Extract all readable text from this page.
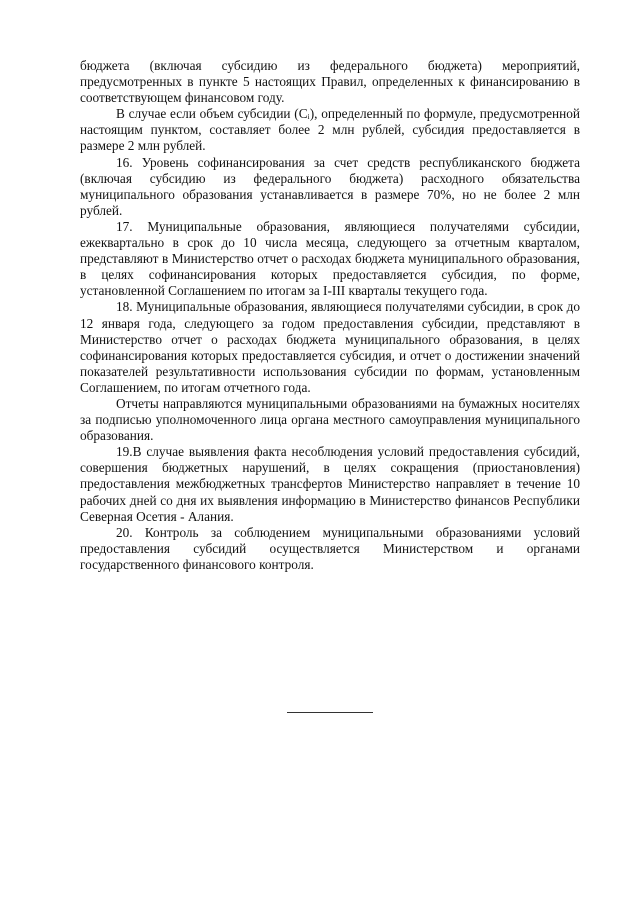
бюджета (включая субсидию из федерального бюджета) мероприятий, предусмотренных в пункте 5 настоящих Правил, определенных к финансированию в соответствующем финансовом году.

В случае если объем субсидии (Cᵢ), определенный по формуле, предусмотренной настоящим пунктом, составляет более 2 млн рублей, субсидия предоставляется в размере 2 млн рублей.

16. Уровень софинансирования за счет средств республиканского бюджета (включая субсидию из федерального бюджета) расходного обязательства муниципального образования устанавливается в размере 70%, но не более 2 млн рублей.

17. Муниципальные образования, являющиеся получателями субсидии, ежеквартально в срок до 10 числа месяца, следующего за отчетным кварталом, представляют в Министерство отчет о расходах бюджета муниципального образования, в целях софинансирования которых предоставляется субсидия, по форме, установленной Соглашением по итогам за I-III кварталы текущего года.

18. Муниципальные образования, являющиеся получателями субсидии, в срок до 12 января года, следующего за годом предоставления субсидии, представляют в Министерство отчет о расходах бюджета муниципального образования, в целях софинансирования которых предоставляется субсидия, и отчет о достижении значений показателей результативности использования субсидии по формам, установленным Соглашением, по итогам отчетного года.

Отчеты направляются муниципальными образованиями на бумажных носителях за подписью уполномоченного лица органа местного самоуправления муниципального образования.

19.В случае выявления факта несоблюдения условий предоставления субсидий, совершения бюджетных нарушений, в целях сокращения (приостановления) предоставления межбюджетных трансфертов Министерство направляет в течение 10 рабочих дней со дня их выявления информацию в Министерство финансов Республики Северная Осетия - Алания.

20. Контроль за соблюдением муниципальными образованиями условий предоставления субсидий осуществляется Министерством и органами государственного финансового контроля.
